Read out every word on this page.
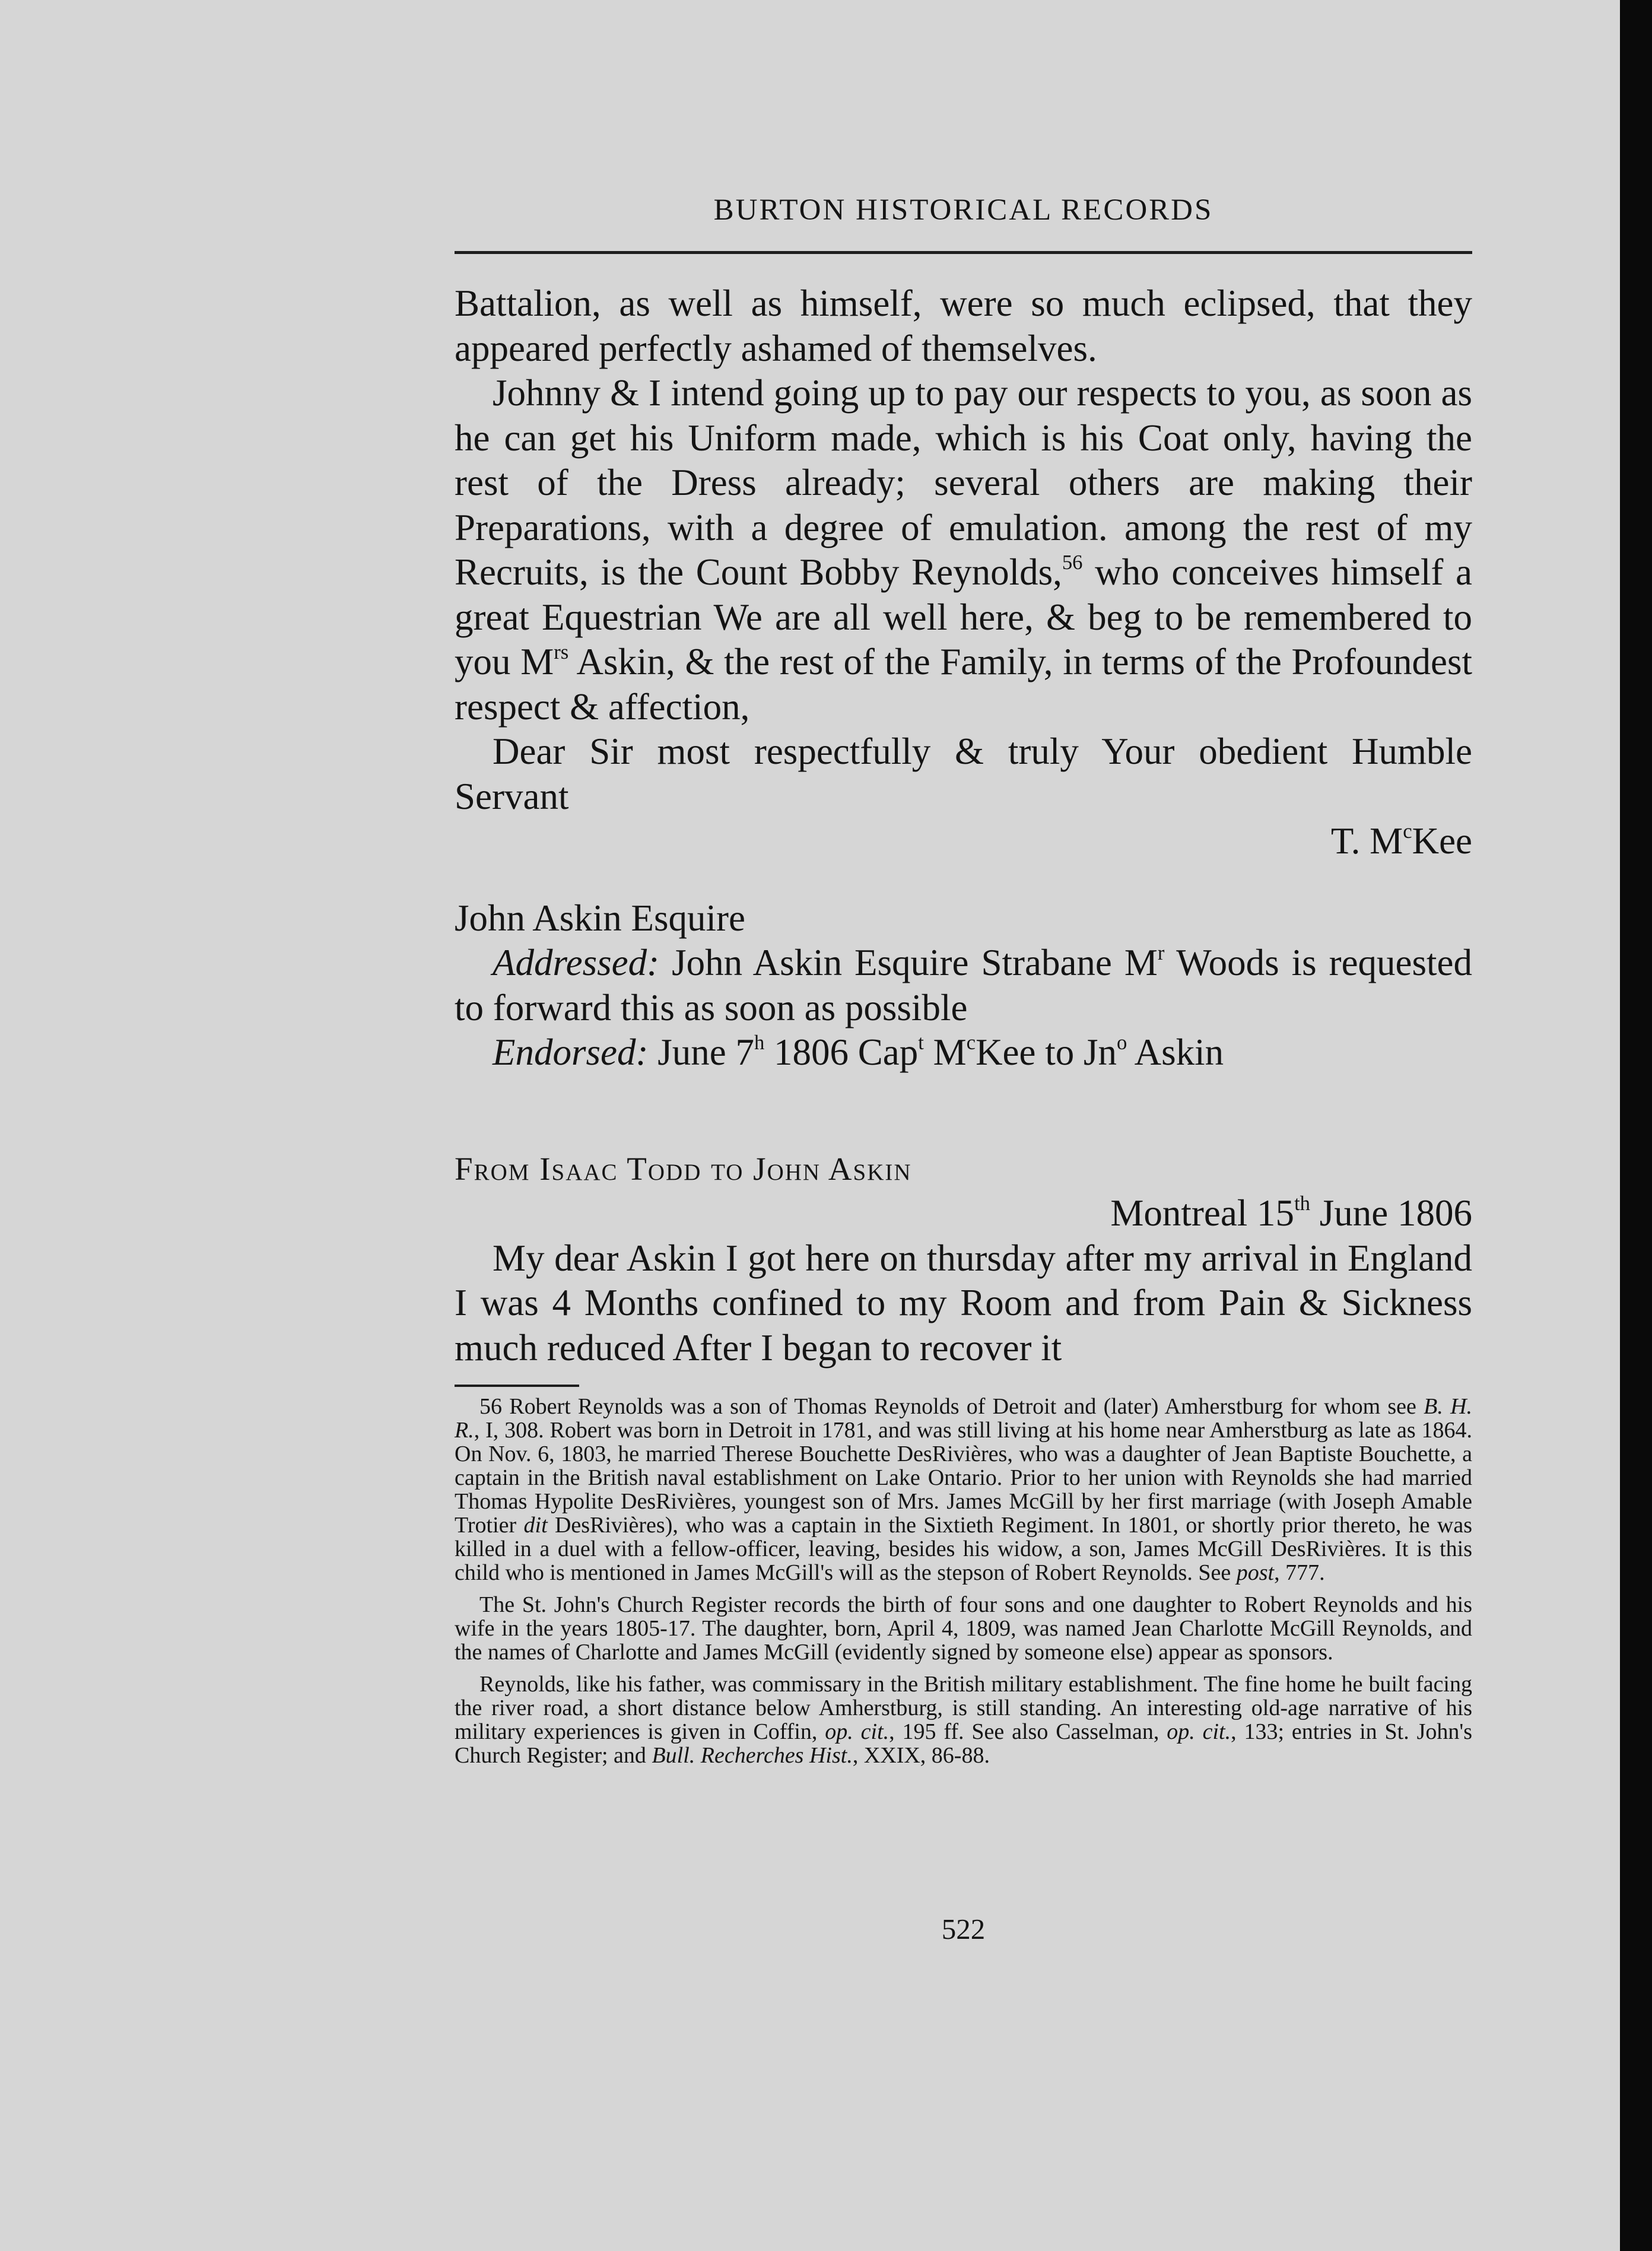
BURTON HISTORICAL RECORDS

Battalion, as well as himself, were so much eclipsed, that they appeared perfectly ashamed of themselves.

Johnny & I intend going up to pay our respects to you, as soon as he can get his Uniform made, which is his Coat only, having the rest of the Dress already; several others are making their Preparations, with a degree of emulation. among the rest of my Recruits, is the Count Bobby Reynolds,$^{56}$ who conceives himself a great Equestrian We are all well here, & beg to be remembered to you $M^{rs}$ Askin, & the rest of the Family, in terms of the Profoundest respect & affection,

Dear Sir most respectfully & truly Your obedient Humble Servant

T. $M^cKee$

John Askin Esquire

Addressed: John Askin Esquire Strabane $M^r$ Woods is requested to forward this as soon as possible

Endorsed: June 7$^h$ 1806 Cap$^t$ $M^cKee$ to Jn$^o$ Askin

From Isaac Todd to John Askin

Montreal 15th June 1806

My dear Askin I got here on thursday after my arrival in England I was 4 Months confined to my Room and from Pain & Sickness much reduced After I began to recover it

56 Robert Reynolds was a son of Thomas Reynolds of Detroit and (later) Amherstburg for whom see B. H. R., I, 308. Robert was born in Detroit in 1781, and was still living at his home near Amherstburg as late as 1864. On Nov. 6, 1803, he married Therese Bouchette DesRivières, who was a daughter of Jean Baptiste Bouchette, a captain in the British naval establishment on Lake Ontario. Prior to her union with Reynolds she had married Thomas Hypolite DesRivières, youngest son of Mrs. James McGill by her first marriage (with Joseph Amable Trotier dit DesRivières), who was a captain in the Sixtieth Regiment. In 1801, or shortly prior thereto, he was killed in a duel with a fellow-officer, leaving, besides his widow, a son, James McGill DesRivières. It is this child who is mentioned in James McGill's will as the stepson of Robert Reynolds. See post, 777.

The St. John's Church Register records the birth of four sons and one daughter to Robert Reynolds and his wife in the years 1805-17. The daughter, born, April 4, 1809, was named Jean Charlotte McGill Reynolds, and the names of Charlotte and James McGill (evidently signed by someone else) appear as sponsors.

Reynolds, like his father, was commissary in the British military establishment. The fine home he built facing the river road, a short distance below Amherstburg, is still standing. An interesting old-age narrative of his military experiences is given in Coffin, op. cit., 195 ff. See also Casselman, op. cit., 133; entries in St. John's Church Register; and Bull. Recherches Hist., XXIX, 86-88.

522
